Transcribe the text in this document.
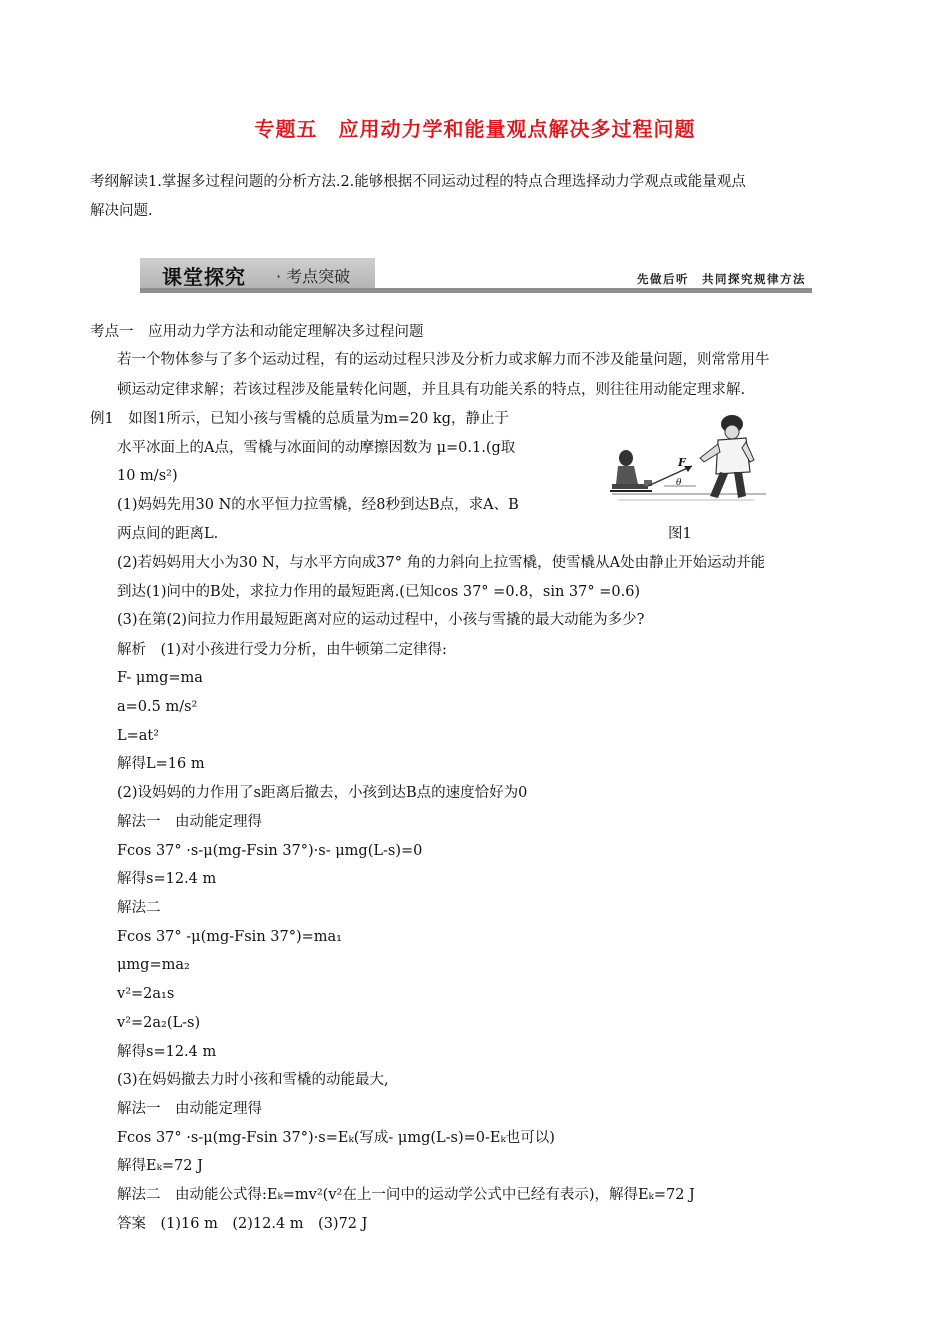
专题五　应用动力学和能量观点解决多过程问题
考纲解读1.掌握多过程问题的分析方法.2.能够根据不同运动过程的特点合理选择动力学观点或能量观点
解决问题.
课堂探究 · 考点突破	先做后听　共同探究规律方法
考点一　应用动力学方法和动能定理解决多过程问题
若一个物体参与了多个运动过程，有的运动过程只涉及分析力或求解力而不涉及能量问题，则常常用牛
顿运动定律求解；若该过程涉及能量转化问题，并且具有功能关系的特点，则往往用动能定理求解.
例1　如图1所示，已知小孩与雪橇的总质量为m=20 kg，静止于
水平冰面上的A点，雪橇与冰面间的动摩擦因数为 μ=0.1.(g取
10 m/s²)
(1)妈妈先用30 N的水平恒力拉雪橇，经8秒到达B点，求A、B
两点间的距离L.
(2)若妈妈用大小为30 N，与水平方向成37° 角的力斜向上拉雪橇，使雪橇从A处由静止开始运动并能
到达(1)问中的B处，求拉力作用的最短距离.(已知cos 37° =0.8，sin 37° =0.6)
(3)在第(2)问拉力作用最短距离对应的运动过程中，小孩与雪撬的最大动能为多少?
F
θ
图1
解析　(1)对小孩进行受力分析，由牛顿第二定律得:
F- μmg=ma
a=0.5 m/s²
L=at²
解得L=16 m
(2)设妈妈的力作用了s距离后撤去，小孩到达B点的速度恰好为0
解法一　由动能定理得
Fcos 37° ·s-μ(mg-Fsin 37°)·s- μmg(L-s)=0
解得s=12.4 m
解法二
Fcos 37° -μ(mg-Fsin 37°)=ma₁
μmg=ma₂
v²=2a₁s
v²=2a₂(L-s)
解得s=12.4 m
(3)在妈妈撤去力时小孩和雪橇的动能最大,
解法一　由动能定理得
Fcos 37° ·s-μ(mg-Fsin 37°)·s=Eₖ(写成- μmg(L-s)=0-Eₖ也可以)
解得Eₖ=72 J
解法二　由动能公式得:Eₖ=mv²(v²在上一问中的运动学公式中已经有表示)，解得Eₖ=72 J
答案　(1)16 m　(2)12.4 m　(3)72 J
